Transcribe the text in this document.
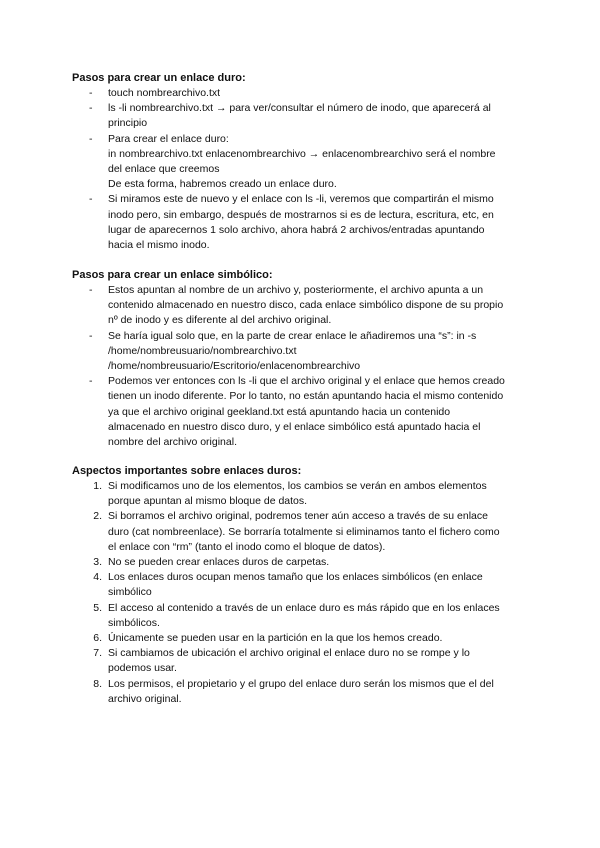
Pasos para crear un enlace duro:
-	touch nombrearchivo.txt
-	ls -li nombrearchivo.txt → para ver/consultar el número de inodo, que aparecerá al
principio
-	Para crear el enlace duro:
in nombrearchivo.txt enlacenombrearchivo → enlacenombrearchivo será el nombre
del enlace que creemos
De esta forma, habremos creado un enlace duro.
-	Si miramos este de nuevo y el enlace con ls -li, veremos que compartirán el mismo
inodo pero, sin embargo, después de mostrarnos si es de lectura, escritura, etc, en
lugar de aparecernos 1 solo archivo, ahora habrá 2 archivos/entradas apuntando
hacia el mismo inodo.
Pasos para crear un enlace simbólico:
-	Estos apuntan al nombre de un archivo y, posteriormente, el archivo apunta a un
contenido almacenado en nuestro disco, cada enlace simbólico dispone de su propio
nº de inodo y es diferente al del archivo original.
-	Se haría igual solo que, en la parte de crear enlace le añadiremos una “s”: in -s
/home/nombreusuario/nombrearchivo.txt
/home/nombreusuario/Escritorio/enlacenombrearchivo
-	Podemos ver entonces con ls -li que el archivo original y el enlace que hemos creado
tienen un inodo diferente. Por lo tanto, no están apuntando hacia el mismo contenido
ya que el archivo original geekland.txt está apuntando hacia un contenido
almacenado en nuestro disco duro, y el enlace simbólico está apuntado hacia el
nombre del archivo original.
Aspectos importantes sobre enlaces duros:
1. Si modificamos uno de los elementos, los cambios se verán en ambos elementos
porque apuntan al mismo bloque de datos.
2. Si borramos el archivo original, podremos tener aún acceso a través de su enlace
duro (cat nombreenlace). Se borraría totalmente si eliminamos tanto el fichero como
el enlace con “rm” (tanto el inodo como el bloque de datos).
3. No se pueden crear enlaces duros de carpetas.
4. Los enlaces duros ocupan menos tamaño que los enlaces simbólicos (en enlace
simbólico
5. El acceso al contenido a través de un enlace duro es más rápido que en los enlaces
simbólicos.
6. Únicamente se pueden usar en la partición en la que los hemos creado.
7. Si cambiamos de ubicación el archivo original el enlace duro no se rompe y lo
podemos usar.
8. Los permisos, el propietario y el grupo del enlace duro serán los mismos que el del
archivo original.
